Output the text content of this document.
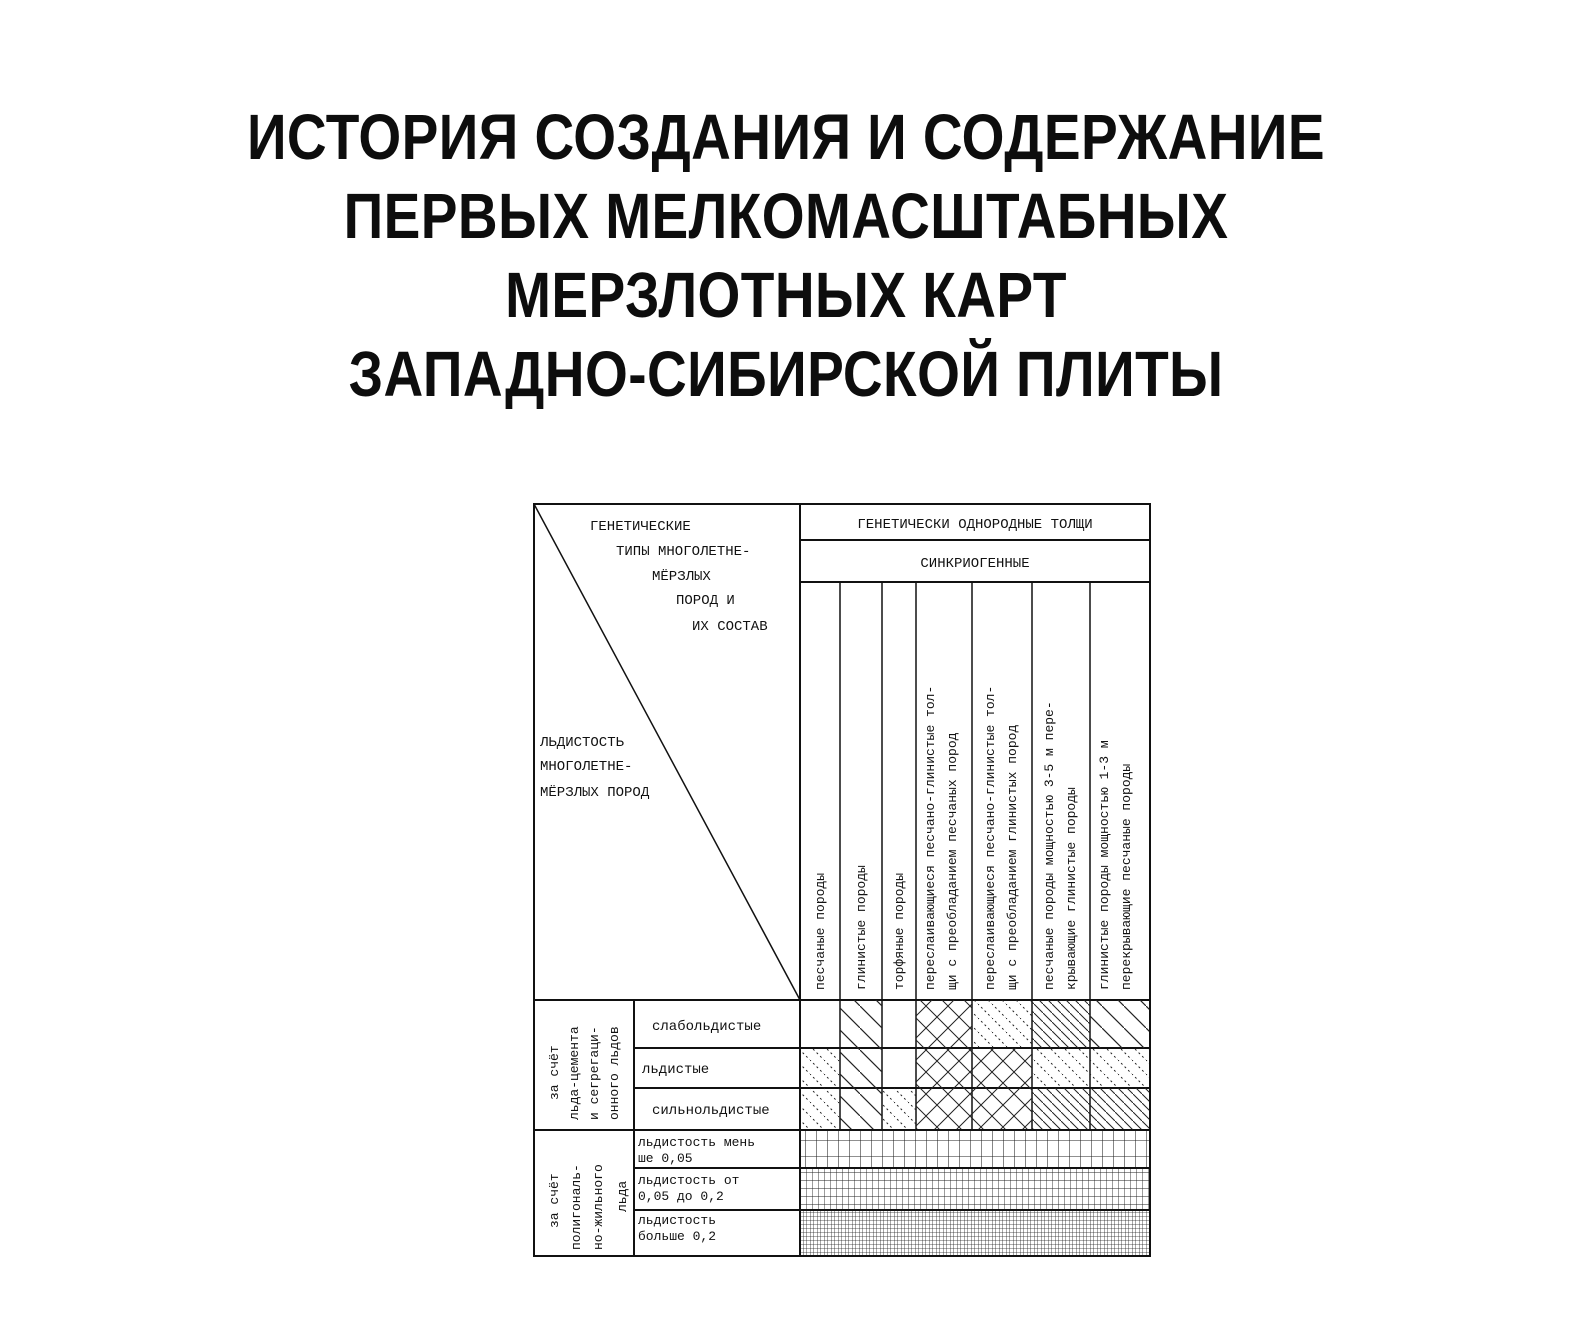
ИСТОРИЯ СОЗДАНИЯ И СОДЕРЖАНИЕ
ПЕРВЫХ МЕЛКОМАСШТАБНЫХ
МЕРЗЛОТНЫХ КАРТ
ЗАПАДНО-СИБИРСКОЙ ПЛИТЫ
ГЕНЕТИЧЕСКИЕ
ТИПЫ МНОГОЛЕТНЕ-
МЁРЗЛЫХ
ПОРОД И
ИХ СОСТАВ
ЛЬДИСТОСТЬ
МНОГОЛЕТНЕ-
МЁРЗЛЫХ ПОРОД
ГЕНЕТИЧЕСКИ ОДНОРОДНЫЕ ТОЛЩИ
СИНКРИОГЕННЫЕ
песчаные породы глинистые породы торфяные породы переслаивающиеся песчано-глинистые тол- щи с преобладанием песчаных пород переслаивающиеся песчано-глинистые тол- щи с преобладанием глинистых пород песчаные породы мощностью 3-5 м пере- крывающие глинистые породы глинистые породы мощностью 1-3 м перекрывающие песчаные породы
за счёт льда-цемента и сегрегаци- онного льдов слабольдистые
льдистые
сильнольдистые
за счёт полигональ- но-жильного льда
льдистость мень
ше 0,05
льдистость от
0,05 до 0,2
льдистость
больше 0,2
